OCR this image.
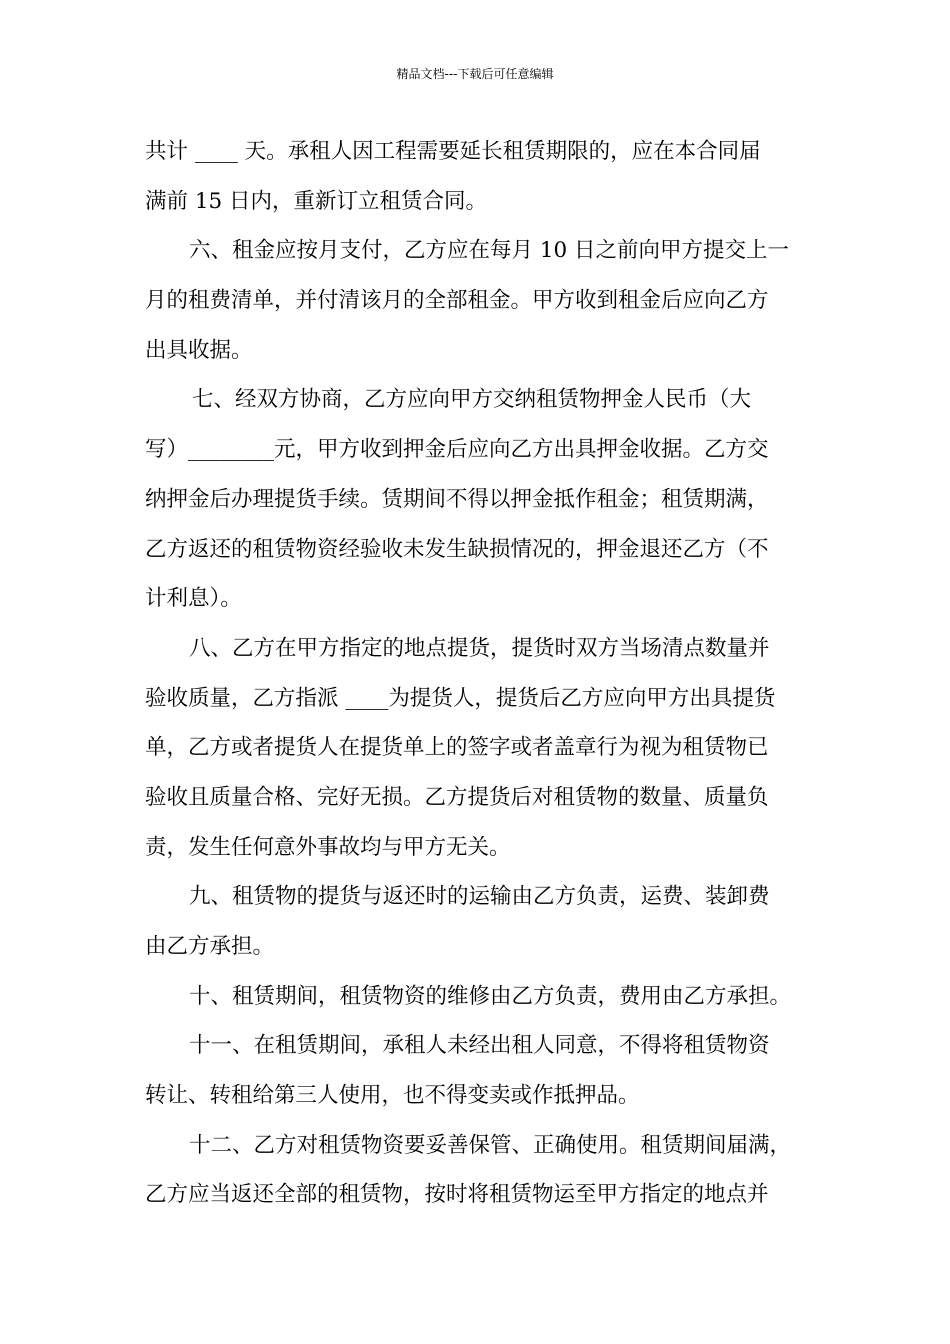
精品文档---下载后可任意编辑
共计 ____ 天。承租人因工程需要延长租赁期限的，应在本合同届
满前 15 日内，重新订立租赁合同。
六、租金应按月支付，乙方应在每月 10 日之前向甲方提交上一
月的租费清单，并付清该月的全部租金。甲方收到租金后应向乙方
出具收据。
七、经双方协商，乙方应向甲方交纳租赁物押金人民币（大
写）________元，甲方收到押金后应向乙方出具押金收据。乙方交
纳押金后办理提货手续。赁期间不得以押金抵作租金；租赁期满，
乙方返还的租赁物资经验收未发生缺损情况的，押金退还乙方（不
计利息）。
八、乙方在甲方指定的地点提货，提货时双方当场清点数量并
验收质量，乙方指派 ____为提货人，提货后乙方应向甲方出具提货
单，乙方或者提货人在提货单上的签字或者盖章行为视为租赁物已
验收且质量合格、完好无损。乙方提货后对租赁物的数量、质量负
责，发生任何意外事故均与甲方无关。
九、租赁物的提货与返还时的运输由乙方负责，运费、装卸费
由乙方承担。
十、租赁期间，租赁物资的维修由乙方负责，费用由乙方承担。
十一、在租赁期间，承租人未经出租人同意，不得将租赁物资
转让、转租给第三人使用，也不得变卖或作抵押品。
十二、乙方对租赁物资要妥善保管、正确使用。租赁期间届满，
乙方应当返还全部的租赁物，按时将租赁物运至甲方指定的地点并
